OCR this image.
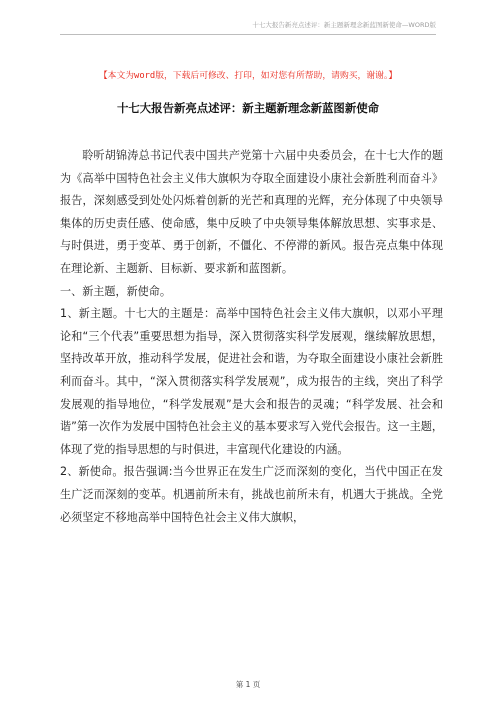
十七大报告新亮点述评：新主题新理念新蓝图新使命—WORD版
【本文为word版，下载后可修改、打印，如对您有所帮助，请购买，谢谢。】
十七大报告新亮点述评：新主题新理念新蓝图新使命

聆听胡锦涛总书记代表中国共产党第十六届中央委员会，在十七大作的题为《高举中国特色社会主义伟大旗帜为夺取全面建设小康社会新胜利而奋斗》报告，深刻感受到处处闪烁着创新的光芒和真理的光辉，充分体现了中央领导集体的历史责任感、使命感，集中反映了中央领导集体解放思想、实事求是、与时俱进，勇于变革、勇于创新，不僵化、不停滞的新风。报告亮点集中体现在理论新、主题新、目标新、要求新和蓝图新。

一、新主题，新使命。

1、新主题。十七大的主题是：高举中国特色社会主义伟大旗帜，以邓小平理论和“三个代表”重要思想为指导，深入贯彻落实科学发展观，继续解放思想，坚持改革开放，推动科学发展，促进社会和谐，为夺取全面建设小康社会新胜利而奋斗。其中，“深入贯彻落实科学发展观”，成为报告的主线，突出了科学发展观的指导地位，“科学发展观”是大会和报告的灵魂；“科学发展、社会和谐”第一次作为发展中国特色社会主义的基本要求写入党代会报告。这一主题，体现了党的指导思想的与时俱进，丰富现代化建设的内涵。

2、新使命。报告强调:当今世界正在发生广泛而深刻的变化，当代中国正在发生广泛而深刻的变革。机遇前所未有，挑战也前所未有，机遇大于挑战。全党必须坚定不移地高举中国特色社会主义伟大旗帜，

第 1 页
